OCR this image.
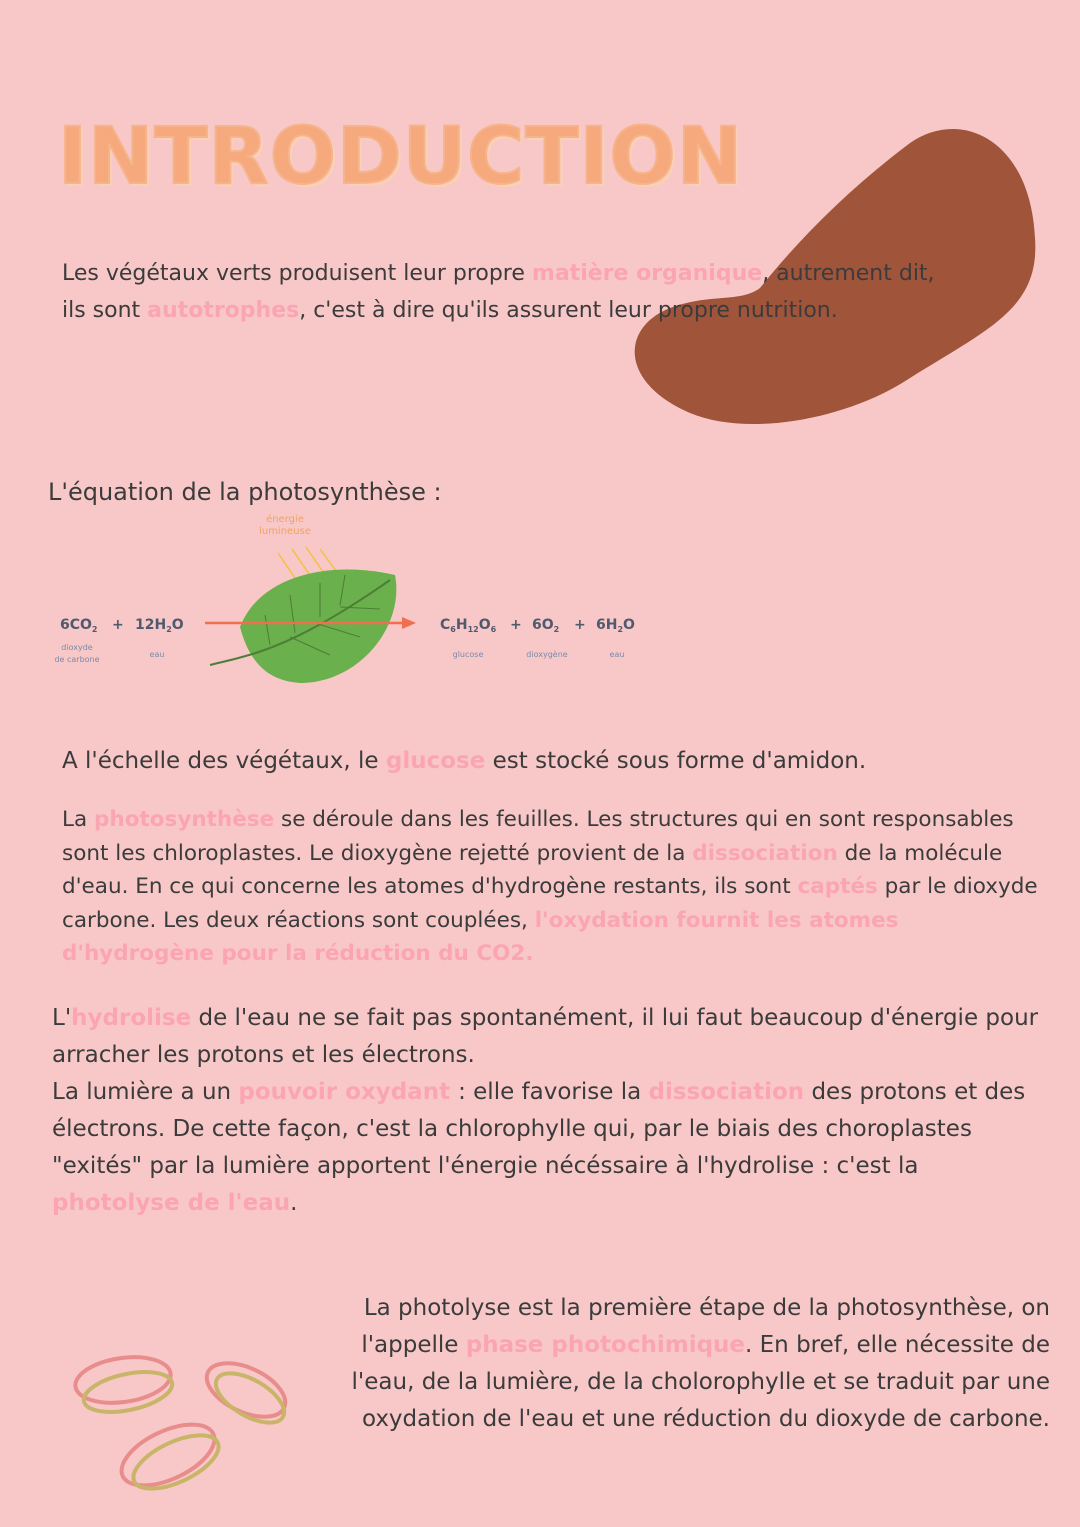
INTRODUCTION

Les végétaux verts produisent leur propre matière organique, autrement dit, ils sont autotrophes, c'est à dire qu'ils assurent leur propre nutrition.

L'équation de la photosynthèse :

énergie
lumineuse
$6CO_2 + 12H_2O$
dioxyde
de carbone
eau
$C_6H_{12}O_6 + 6O_2 + 6H_2O$
glucose	dioxygène	eau

A l'échelle des végétaux, le glucose est stocké sous forme d'amidon.

La photosynthèse se déroule dans les feuilles. Les structures qui en sont responsables sont les chloroplastes. Le dioxygène rejetté provient de la dissociation de la molécule d'eau. En ce qui concerne les atomes d'hydrogène restants, ils sont captés par le dioxyde carbone. Les deux réactions sont couplées, l'oxydation fournit les atomes d'hydrogène pour la réduction du CO2.

L'hydrolise de l'eau ne se fait pas spontanément, il lui faut beaucoup d'énergie pour arracher les protons et les électrons.
La lumière a un pouvoir oxydant : elle favorise la dissociation des protons et des électrons. De cette façon, c'est la chlorophylle qui, par le biais des choroplastes "exités" par la lumière apportent l'énergie nécéssaire à l'hydrolise : c'est la photolyse de l'eau.

La photolyse est la première étape de la photosynthèse, on l'appelle phase photochimique. En bref, elle nécessite de l'eau, de la lumière, de la cholorophylle et se traduit par une oxydation de l'eau et une réduction du dioxyde de carbone.
